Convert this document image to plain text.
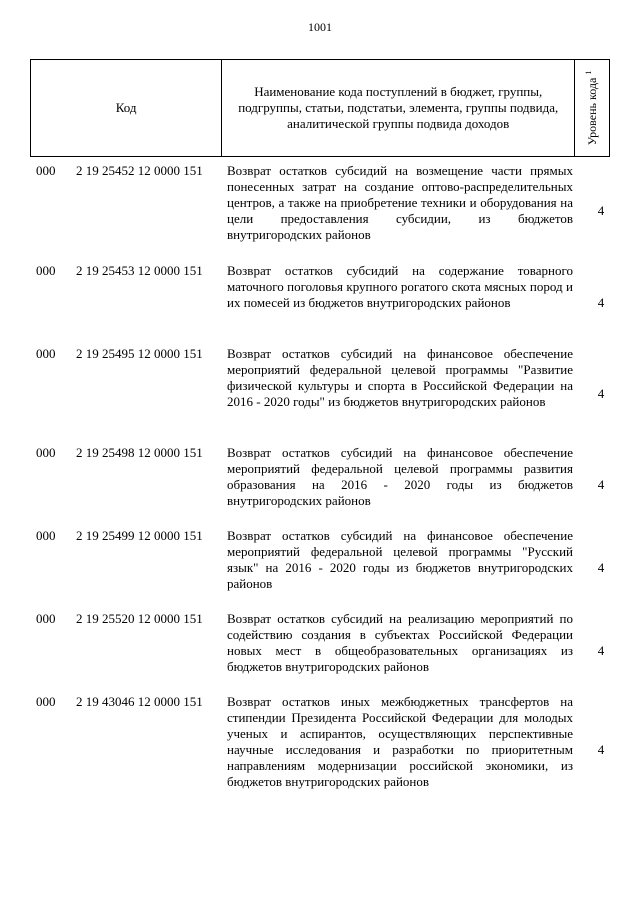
1001
Код
Наименование кода поступлений в бюджет, группы, подгруппы, статьи, подстатьи, элемента, группы подвида, аналитической группы подвида доходов	Уровень кода $^1$
000 2 19 25452 12 0000 151 Возврат остатков субсидий на возмещение части прямых понесенных затрат на создание оптово-распределительных центров, а также на приобретение техники и оборудования на цели предоставления субсидии, из бюджетов внутригородских районов
4
000 2 19 25453 12 0000 151 Возврат остатков субсидий на содержание товарного маточного поголовья крупного рогатого скота мясных пород и их помесей из бюджетов внутригородских районов	4
000 2 19 25495 12 0000 151 Возврат остатков субсидий на финансовое обеспечение мероприятий федеральной целевой программы "Развитие физической культуры и спорта в Российской Федерации на 2016 - 2020 годы" из бюджетов внутригородских районов
4
000 2 19 25498 12 0000 151 Возврат остатков субсидий на финансовое обеспечение мероприятий федеральной целевой программы развития образования на 2016 - 2020 годы из бюджетов внутригородских районов
4
000 2 19 25499 12 0000 151 Возврат остатков субсидий на финансовое обеспечение мероприятий федеральной целевой программы "Русский язык" на 2016 - 2020 годы из бюджетов внутригородских районов
4
000 2 19 25520 12 0000 151 Возврат остатков субсидий на реализацию мероприятий по содействию создания в субъектах Российской Федерации новых мест в общеобразовательных организациях из бюджетов внутригородских районов
4
000 2 19 43046 12 0000 151 Возврат остатков иных межбюджетных трансфертов на стипендии Президента Российской Федерации для молодых ученых и аспирантов, осуществляющих перспективные научные исследования и разработки по приоритетным направлениям модернизации российской экономики, из бюджетов внутригородских районов
4
